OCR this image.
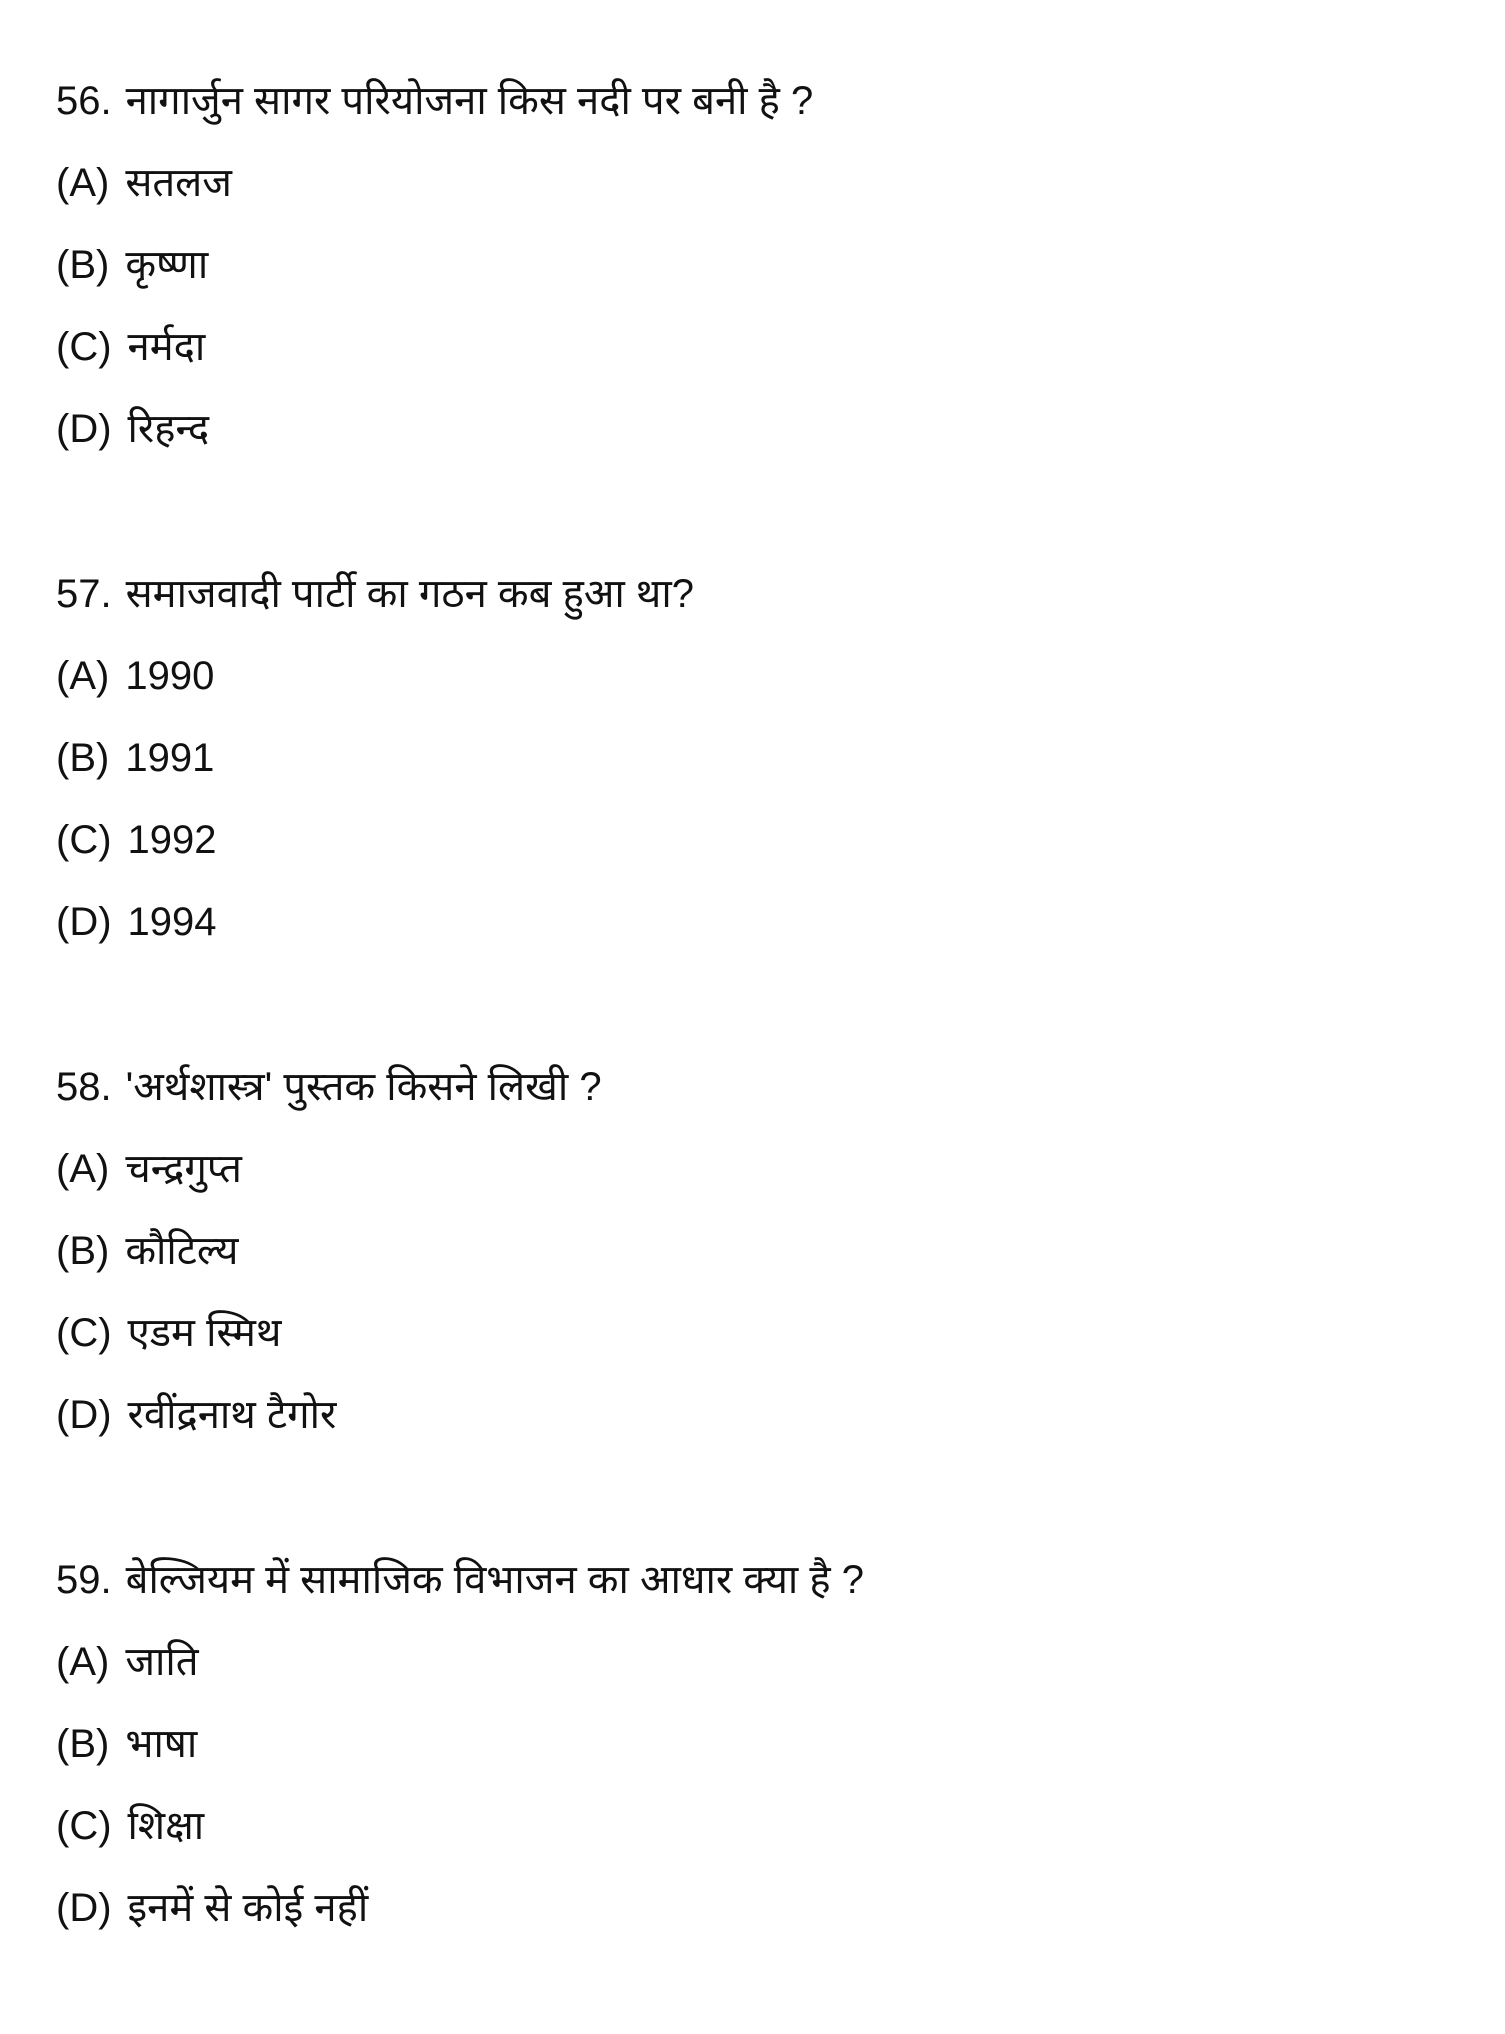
56. नागार्जुन सागर परियोजना किस नदी पर बनी है ?
(A) सतलज
(B) कृष्णा
(C) नर्मदा
(D) रिहन्द
57. समाजवादी पार्टी का गठन कब हुआ था?
(A) 1990
(B) 1991
(C) 1992
(D) 1994
58. 'अर्थशास्त्र' पुस्तक किसने लिखी ?
(A) चन्द्रगुप्त
(B) कौटिल्य
(C) एडम स्मिथ
(D) रवींद्रनाथ टैगोर
59. बेल्जियम में सामाजिक विभाजन का आधार क्या है ?
(A) जाति
(B) भाषा
(C) शिक्षा
(D) इनमें से कोई नहीं
